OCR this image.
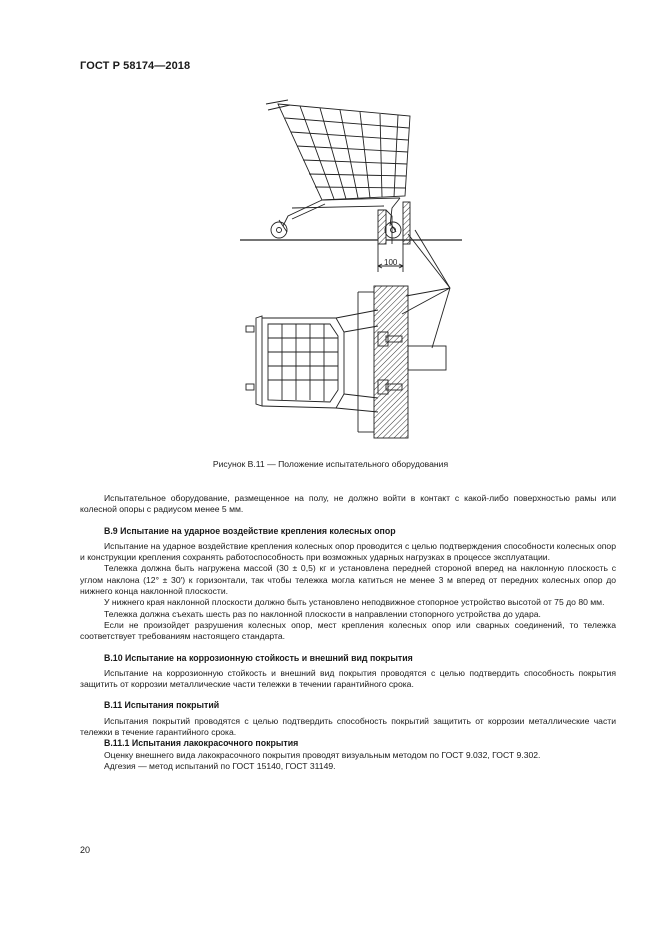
ГОСТ Р 58174—2018
100
Рисунок В.11 — Положение испытательного оборудования

Испытательное оборудование, размещенное на полу, не должно войти в контакт с какой-либо поверхностью рамы или колесной опоры с радиусом менее 5 мм.

В.9 Испытание на ударное воздействие крепления колесных опор

Испытание на ударное воздействие крепления колесных опор проводится с целью подтверждения способности колесных опор и конструкции крепления сохранять работоспособность при возможных ударных нагрузках в процессе эксплуатации.

Тележка должна быть нагружена массой (30 ± 0,5) кг и установлена передней стороной вперед на наклонную плоскость с углом наклона (12° ± 30′) к горизонтали, так чтобы тележка могла катиться не менее 3 м вперед от передних колесных опор до нижнего конца наклонной плоскости.

У нижнего края наклонной плоскости должно быть установлено неподвижное стопорное устройство высотой от 75 до 80 мм.

Тележка должна съехать шесть раз по наклонной плоскости в направлении стопорного устройства до удара.

Если не произойдет разрушения колесных опор, мест крепления колесных опор или сварных соединений, то тележка соответствует требованиям настоящего стандарта.

В.10 Испытание на коррозионную стойкость и внешний вид покрытия

Испытание на коррозионную стойкость и внешний вид покрытия проводятся с целью подтвердить способность покрытия защитить от коррозии металлические части тележки в течении гарантийного срока.

В.11 Испытания покрытий

Испытания покрытий проводятся с целью подтвердить способность покрытий защитить от коррозии металлические части тележки в течение гарантийного срока.

В.11.1 Испытания лакокрасочного покрытия

Оценку внешнего вида лакокрасочного покрытия проводят визуальным методом по ГОСТ 9.032, ГОСТ 9.302.

Адгезия — метод испытаний по ГОСТ 15140, ГОСТ 31149.

20
